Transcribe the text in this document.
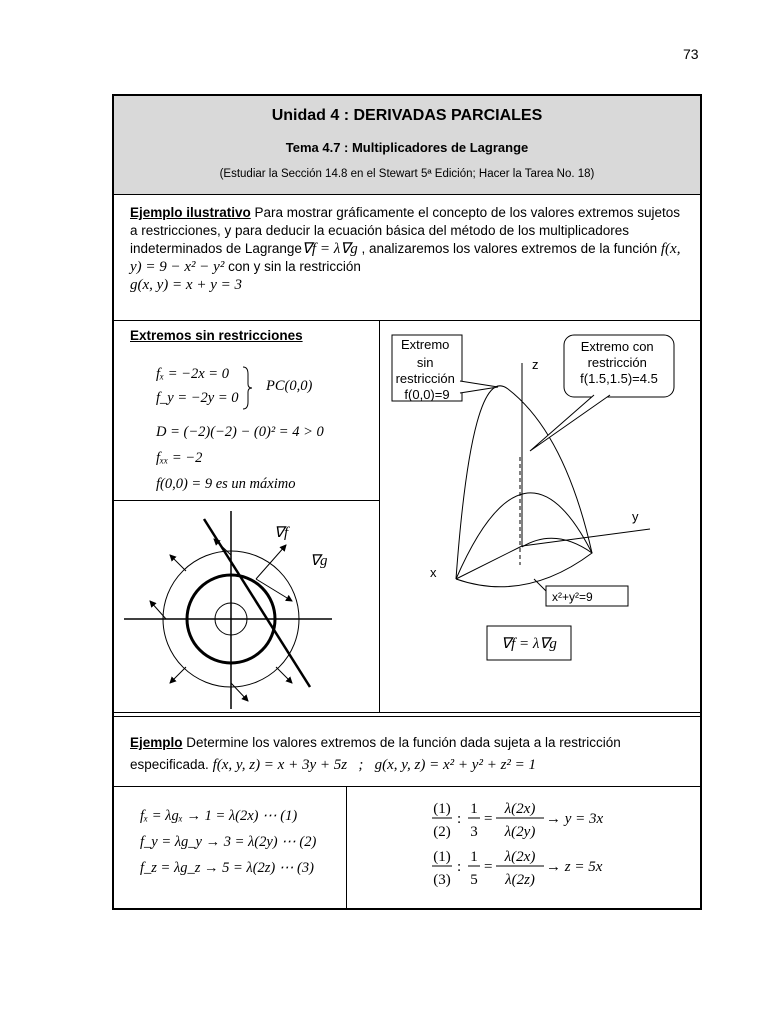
73
Unidad 4 : DERIVADAS PARCIALES
Tema 4.7 : Multiplicadores de Lagrange
(Estudiar la Sección 14.8 en el Stewart 5ª Edición; Hacer la Tarea No. 18)
Ejemplo ilustrativo Para mostrar gráficamente el concepto de los valores extremos sujetos a restricciones, y para deducir la ecuación básica del método de los multiplicadores indeterminados de Lagrange∇f = λ∇g , analizaremos los valores extremos de la función f(x, y) = 9 − x² − y² con y sin la restricción
g(x, y) = x + y = 3
Extremos sin restricciones
fₓ = −2x = 0
f_y = −2y = 0
PC(0,0)
D = (−2)(−2) − (0)² = 4 > 0
fₓₓ = −2
f(0,0) = 9 es un máximo
∇f
∇g
Extremo sin restricción f(0,0)=9
Extremo con restricción f(1.5,1.5)=4.5
z
y
x
x²+y²=9
∇f = λ∇g
Ejemplo Determine los valores extremos de la función dada sujeta a la restricción especificada. f(x, y, z) = x + 3y + 5z   ;   g(x, y, z) = x² + y² + z² = 1
fₓ = λgₓ → 1 = λ(2x) ⋯ (1)
f_y = λg_y → 3 = λ(2y) ⋯ (2)
f_z = λg_z → 5 = λ(2z) ⋯ (3)
(1)
(2)
:
1
3
=
λ(2x)
λ(2y)
→ y = 3x
(1)
(3)
:
1
5
=
λ(2x)
λ(2z)
→ z = 5x
